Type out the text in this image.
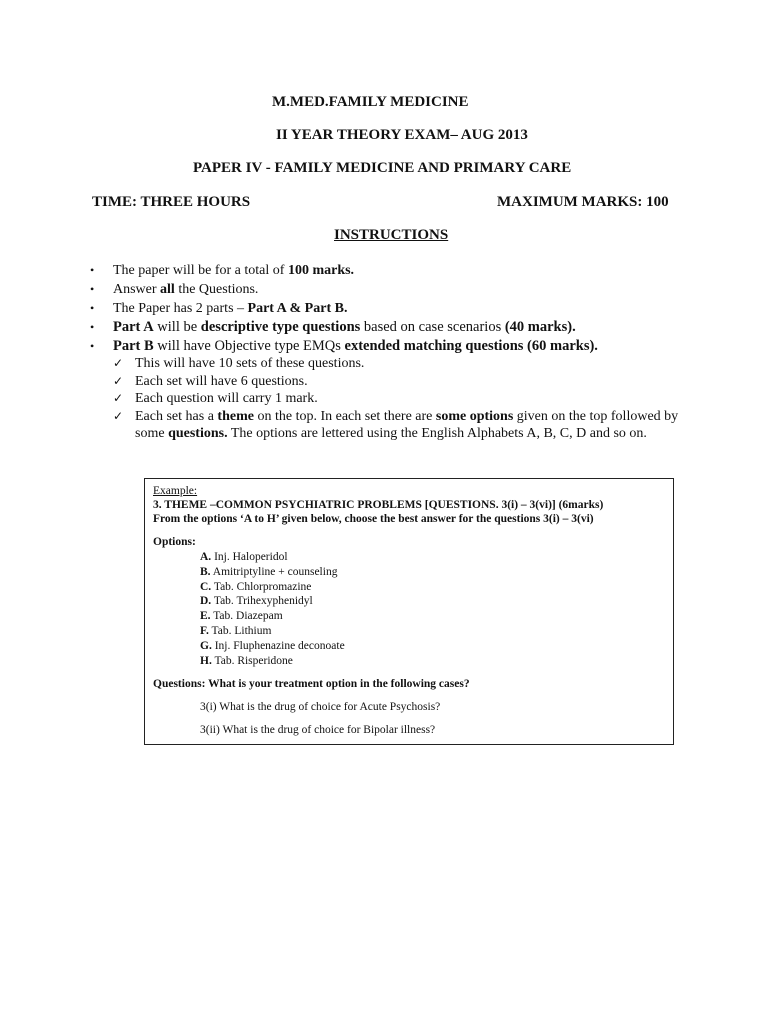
M.MED.FAMILY MEDICINE
II YEAR THEORY EXAM– AUG 2013
PAPER IV - FAMILY MEDICINE AND PRIMARY CARE
TIME: THREE HOURS	MAXIMUM MARKS: 100
INSTRUCTIONS
• The paper will be for a total of 100 marks.
• Answer all the Questions.
• The Paper has 2 parts – Part A & Part B.
• Part A will be descriptive type questions based on case scenarios (40 marks).
• Part B will have Objective type EMQs extended matching questions (60 marks).
✓ This will have 10 sets of these questions.
✓ Each set will have 6 questions.
✓ Each question will carry 1 mark.
✓ Each set has a theme on the top. In each set there are some options given on the top followed by some questions. The options are lettered using the English Alphabets A, B, C, D and so on.
Example:
3. THEME –COMMON PSYCHIATRIC PROBLEMS [QUESTIONS. 3(i) – 3(vi)] (6marks)
From the options ‘A to H’ given below, choose the best answer for the questions 3(i) – 3(vi)
Options:
A. Inj. Haloperidol
B. Amitriptyline + counseling
C. Tab. Chlorpromazine
D. Tab. Trihexyphenidyl
E. Tab. Diazepam
F. Tab. Lithium
G. Inj. Fluphenazine deconoate
H. Tab. Risperidone
Questions: What is your treatment option in the following cases?
3(i) What is the drug of choice for Acute Psychosis?
3(ii) What is the drug of choice for Bipolar illness?
